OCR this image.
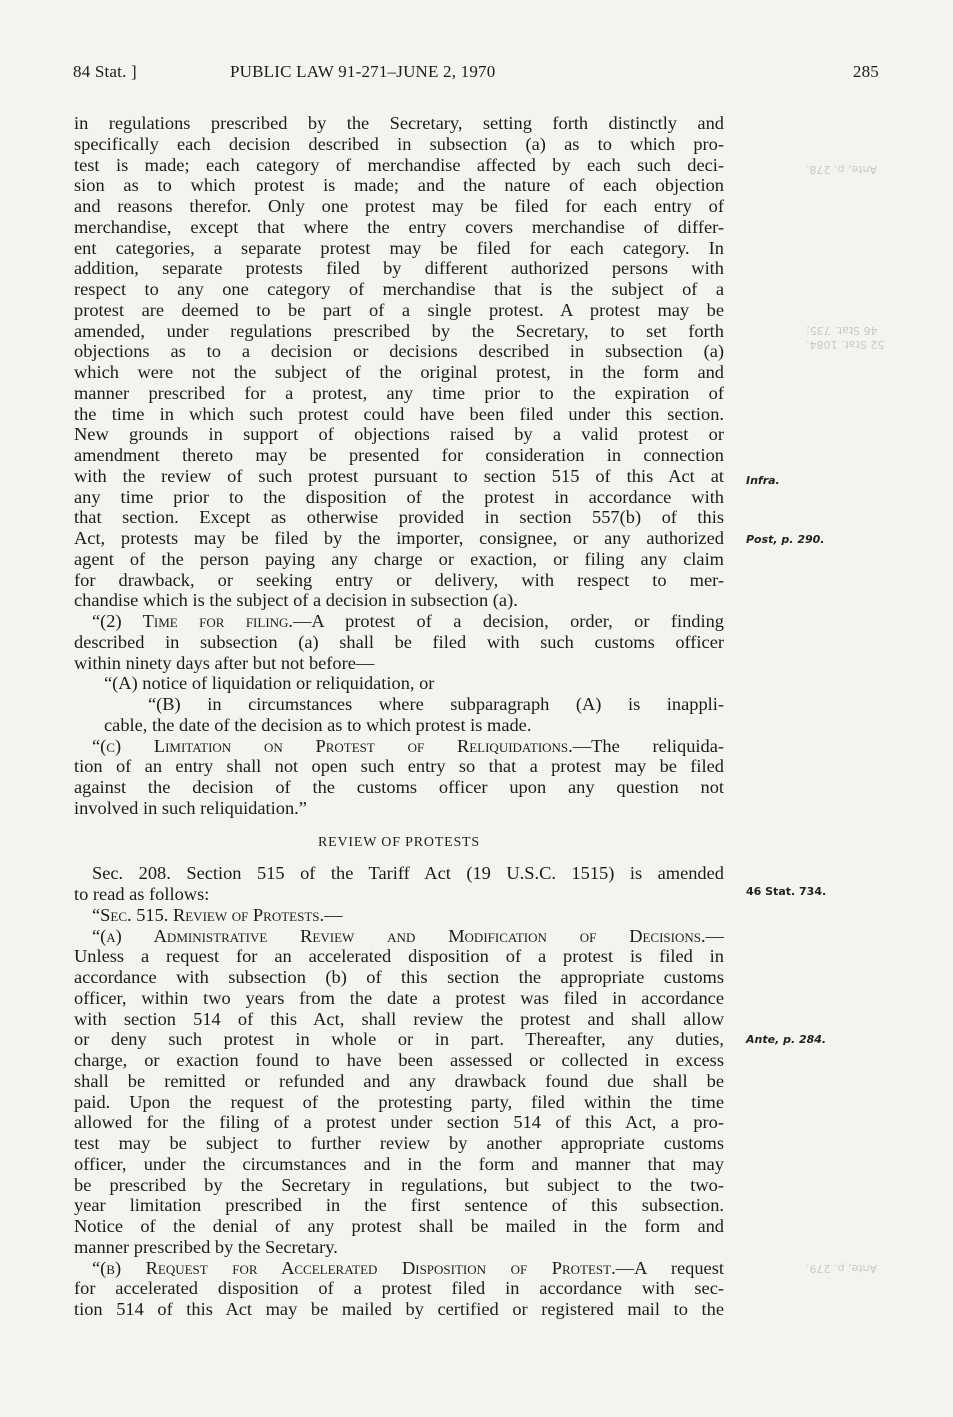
84 Stat. ]	PUBLIC LAW 91-271–JUNE 2, 1970	285
Ante, p. 278.
46 Stat. 735;
52 Stat. 1084.
Ante, p. 279.
Infra.
Post, p. 290.
46 Stat. 734.
Ante, p. 284.

in regulations prescribed by the Secretary, setting forth distinctly and

specifically each decision described in subsection (a) as to which pro-

test is made; each category of merchandise affected by each such deci-

sion as to which protest is made; and the nature of each objection

and reasons therefor. Only one protest may be filed for each entry of

merchandise, except that where the entry covers merchandise of differ-

ent categories, a separate protest may be filed for each category. In

addition, separate protests filed by different authorized persons with

respect to any one category of merchandise that is the subject of a

protest are deemed to be part of a single protest. A protest may be

amended, under regulations prescribed by the Secretary, to set forth

objections as to a decision or decisions described in subsection (a)

which were not the subject of the original protest, in the form and

manner prescribed for a protest, any time prior to the expiration of

the time in which such protest could have been filed under this section.

New grounds in support of objections raised by a valid protest or

amendment thereto may be presented for consideration in connection

with the review of such protest pursuant to section 515 of this Act at

any time prior to the disposition of the protest in accordance with

that section. Except as otherwise provided in section 557(b) of this

Act, protests may be filed by the importer, consignee, or any authorized

agent of the person paying any charge or exaction, or filing any claim

for drawback, or seeking entry or delivery, with respect to mer-

chandise which is the subject of a decision in subsection (a).

“(2) Time for filing.—A protest of a decision, order, or finding

described in subsection (a) shall be filed with such customs officer

within ninety days after but not before—

“(A) notice of liquidation or reliquidation, or

“(B) in circumstances where subparagraph (A) is inappli-

cable, the date of the decision as to which protest is made.

“(c) Limitation on Protest of Reliquidations.—The reliquida-

tion of an entry shall not open such entry so that a protest may be filed

against the decision of the customs officer upon any question not

involved in such reliquidation.”

REVIEW OF PROTESTS

Sec. 208. Section 515 of the Tariff Act (19 U.S.C. 1515) is amended

to read as follows:

“Sec. 515. Review of Protests.—

“(a) Administrative Review and Modification of Decisions.—

Unless a request for an accelerated disposition of a protest is filed in

accordance with subsection (b) of this section the appropriate customs

officer, within two years from the date a protest was filed in accordance

with section 514 of this Act, shall review the protest and shall allow

or deny such protest in whole or in part. Thereafter, any duties,

charge, or exaction found to have been assessed or collected in excess

shall be remitted or refunded and any drawback found due shall be

paid. Upon the request of the protesting party, filed within the time

allowed for the filing of a protest under section 514 of this Act, a pro-

test may be subject to further review by another appropriate customs

officer, under the circumstances and in the form and manner that may

be prescribed by the Secretary in regulations, but subject to the two-

year limitation prescribed in the first sentence of this subsection.

Notice of the denial of any protest shall be mailed in the form and

manner prescribed by the Secretary.

“(b) Request for Accelerated Disposition of Protest.—A request

for accelerated disposition of a protest filed in accordance with sec-

tion 514 of this Act may be mailed by certified or registered mail to the
